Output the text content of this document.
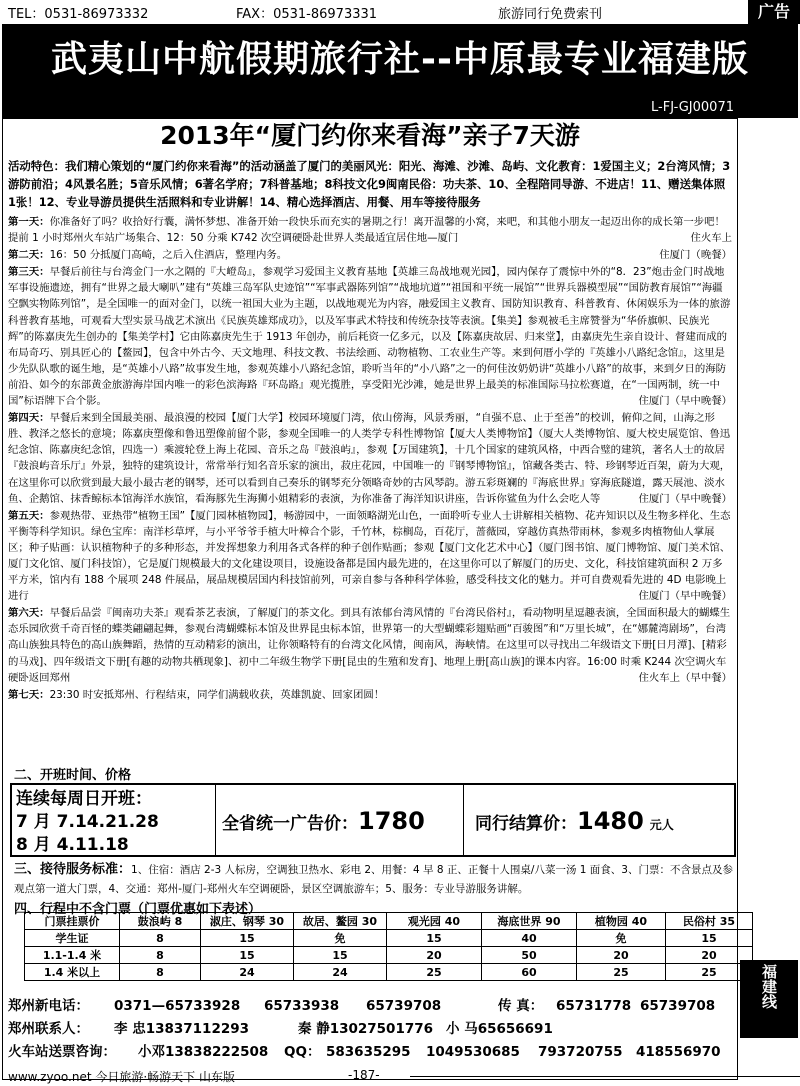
TEL：0531-86973332	FAX：0531-86973331	旅游同行免费索刊	广告
武夷山中航假期旅行社--中原最专业福建版
L-FJ-GJ00071
2013年“厦门约你来看海”亲子7天游
活动特色：我们精心策划的“厦门约你来看海”的活动涵盖了厦门的美丽风光：阳光、海滩、沙滩、岛屿、文化教育：1爱国主义；2台湾风情；3游防前沿；4风景名胜；5音乐风情；6著名学府；7科普基地；8科技文化9闽南民俗：功夫茶、10、全程陪同导游、不进店！11、赠送集体照1张！12、专业导游员提供生活照料和专业讲解！14、精心选择酒店、用餐、用车等接待服务
第一天：你准备好了吗？收拾好行囊，满怀梦想、准备开始一段快乐而充实的暑期之行！离开温馨的小窝，来吧，和其他小朋友一起迈出你的成长第一步吧！提前 1 小时郑州火车站广场集合、12：50 分乘 K742 次空调硬卧赴世界人类最适宜居住地—厦门	住火车上
第二天：16：50 分抵厦门高崎，之后入住酒店，整理内务。	住厦门（晚餐）
第三天：早餐后前往与台湾金门一水之隔的『大嶝岛』，参观学习爱国主义教育基地【英雄三岛战地观光园】，园内保存了震惊中外的“8．23”炮击金门时战地军事设施遗迹，拥有“世界之最大喇叭”建有“英雄三岛军队史迹馆”“军事武器陈列馆”“战地坑道”“祖国和平统一展馆”“世界兵器模型展”“国防教育展馆”“海疆空飘实物陈列馆”，是全国唯一的面对金门，以统一祖国大业为主题，以战地观光为内容，融爱国主义教育、国防知识教育、科普教育、休闲娱乐为一体的旅游科普教育基地，可观看大型实景马战艺术演出《民族英雄郑成功》，以及军事武术特技和传统杂技等表演。【集美】参观被毛主席赞誉为“华侨旗帜、民族光辉”的陈嘉庚先生创办的【集美学村】它由陈嘉庚先生于 1913 年创办，前后耗资一亿多元，以及【陈嘉庚故居、归来堂】，由嘉庚先生亲自设计、督建而成的布局奇巧、别具匠心的【鳌园】，包含中外古今、天文地理、科技文教、书法绘画、动物植物、工农业生产等。来到何厝小学的『英雄小八路纪念馆』，这里是少先队队歌的诞生地，是“英雄小八路”故事发生地，参观英雄小八路纪念馆，聆听当年的“小八路”之一的何佳汝奶奶讲“英雄小八路”的故事，来到夕日的海防前沿、如今的东部黄金旅游海岸国内唯一的彩色滨海路『环岛路』观光揽胜，享受阳光沙滩，她是世界上最美的标准国际马拉松赛道，在“一国两制，统一中国”标语牌下合个影。	住厦门（早中晚餐）
第四天：早餐后来到全国最美丽、最浪漫的校园【厦门大学】校园环境厦门湾，依山傍海，风景秀丽，“自强不息、止于至善”的校训，俯仰之间，山海之形胜、教泽之悠长的意境；陈嘉庚塑像和鲁迅塑像前留个影，参观全国唯一的人类学专科性博物馆【厦大人类博物馆】（厦大人类博物馆、厦大校史展览馆、鲁迅纪念馆、陈嘉庚纪念馆，四选一）乘渡轮登上海上花园、音乐之岛『鼓浪屿』，参观【万国建筑】，十几个国家的建筑风格，中西合璧的建筑，著名人士的故居『鼓浪屿音乐厅』外景，独特的建筑设计，常常举行知名音乐家的演出，菽庄花园，中国唯一的『钢琴博物馆』，馆藏各类古、特、珍钢琴近百架，蔚为大观，在这里你可以欣赏到最大最小最古老的钢琴，还可以看到自己奏乐的钢琴充分领略奇妙的古风琴韵。游五彩斑斓的『海底世界』穿海底隧道，露天展池、淡水鱼、企鹅馆、抹香鲸标本馆海洋水族馆，看海豚先生海狮小姐精彩的表演，为你准备了海洋知识讲座，告诉你鲨鱼为什么会吃人等	住厦门（早中晚餐）
第五天：参观热带、亚热带“植物王国”【厦门园林植物园】，畅游园中，一面领略湖光山色，一面聆听专业人士讲解相关植物、花卉知识以及生物多样化、生态平衡等科学知识。绿色宝库：南洋杉草坪，与小平爷爷手植大叶樟合个影，千竹林，棕榈岛，百花厅，蔷薇园，穿越仿真热带雨林，参观多肉植物仙人掌展区；种子贴画：认识植物种子的多种形态，并发挥想象力利用各式各样的种子创作贴画；参观【厦门文化艺术中心】（厦门图书馆、厦门博物馆、厦门美术馆、厦门文化馆、厦门科技馆），它是厦门规模最大的文化建设项目，设施设备都是国内最先进的，在这里你可以了解厦门的历史、文化，科技馆建筑面积 2 万多平方米，馆内有 188 个展项 248 件展品，展品规模居国内科技馆前列，可亲自参与各种科学体验，感受科技文化的魅力。并可自费观看先进的 4D 电影晚上进行	住厦门（早中晚餐）
第六天：早餐后品尝『闽南功夫茶』观看茶艺表演，了解厦门的茶文化。到具有浓郁台湾风情的『台湾民俗村』，看动物明星逗趣表演，全国面积最大的蝴蝶生态乐园欣赏千奇百怪的蝶类翩翩起舞，参观台湾蝴蝶标本馆及世界昆虫标本馆，世界第一的大型蝴蝶彩翅贴画“百骏图”和“万里长城”，在“娜麓湾剧场”，台湾高山族独具特色的高山族舞蹈，热情的互动精彩的演出，让你领略特有的台湾文化风情，闽南风，海峡情。在这里可以寻找出二年级语文下册[日月潭]、[精彩的马戏]、四年级语文下册[有趣的动物共栖现象]、初中二年级生物学下册[昆虫的生殖和发育]、地理上册[高山族]的课本内容。16:00 时乘 K244 次空调火车硬卧返回郑州	住火车上（早中餐）
第七天：23:30 时安抵郑州、行程结束，同学们满载收获，英雄凯旋、回家团圆！
二、开班时间、价格
连续每周日开班：
7 月 7.14.21.28
8 月 4.11.18
全省统一广告价：1780	同行结算价：1480 元人
三、接待服务标准：1、住宿：酒店 2-3 人标房，空调独卫热水、彩电 2、用餐：4 早 8 正、正餐十人围桌/八菜一汤 1 面食、3、门票：不含景点及参观点第一道大门票，4、交通：郑州-厦门-郑州火车空调硬卧，景区空调旅游车；5、服务：专业导游服务讲解。
四、行程中不含门票（门票优惠如下表述）
门票挂票价	鼓浪屿 8	淑庄、钢琴 30	故居、鳌园 30	观光园 40	海底世界 90	植物园 40	民俗村 35
学生证	8	15	免	15	40	免	15
1.1-1.4 米	8	15	15	20	50	20	20
1.4 米以上	8	24	24	25	60	25	25
郑州新电话： 0371—65733928 65733938 65739708	传 真： 65731778 65739708
郑州联系人： 李 忠13837112293	秦 静13027501776 小 马65656691
火车站送票咨询： 小邓13838222508 QQ： 583635295 1049530685 793720755 418556970
福建线
www.zyoo.net 今日旅游·畅游天下 山东版	-187-
